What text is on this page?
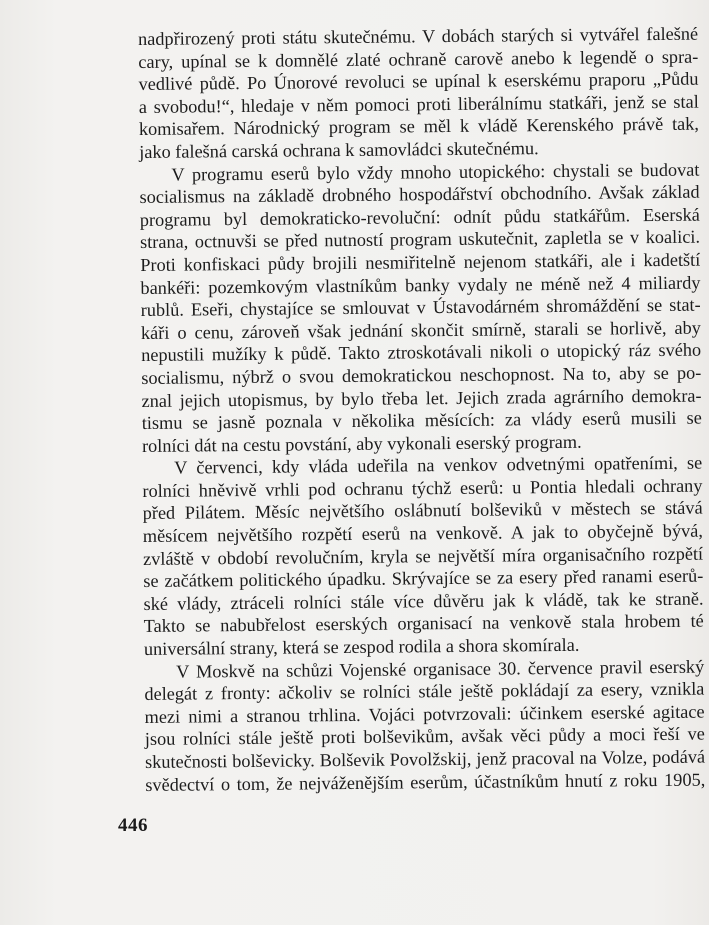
nadpřirozený proti státu skutečnému. V dobách starých si vytvářel falešné
cary, upínal se k domnělé zlaté ochraně carově anebo k legendě o spra-
vedlivé půdě. Po Únorové revoluci se upínal k eserskému praporu „Půdu
a svobodu!“, hledaje v něm pomoci proti liberálnímu statkáři, jenž se stal
komisařem. Národnický program se měl k vládě Kerenského právě tak,
jako falešná carská ochrana k samovládci skutečnému.
V programu eserů bylo vždy mnoho utopického: chystali se budovat
socialismus na základě drobného hospodářství obchodního. Avšak základ
programu byl demokraticko-revoluční: odnít půdu statkářům. Eserská
strana, octnuvši se před nutností program uskutečnit, zapletla se v koalici.
Proti konfiskaci půdy brojili nesmiřitelně nejenom statkáři, ale i kadetští
bankéři: pozemkovým vlastníkům banky vydaly ne méně než 4 miliardy
rublů. Eseři, chystajíce se smlouvat v Ústavodárném shromáždění se stat-
káři o cenu, zároveň však jednání skončit smírně, starali se horlivě, aby
nepustili mužíky k půdě. Takto ztroskotávali nikoli o utopický ráz svého
socialismu, nýbrž o svou demokratickou neschopnost. Na to, aby se po-
znal jejich utopismus, by bylo třeba let. Jejich zrada agrárního demokra-
tismu se jasně poznala v několika měsících: za vlády eserů musili se
rolníci dát na cestu povstání, aby vykonali eserský program.
V červenci, kdy vláda udeřila na venkov odvetnými opatřeními, se
rolníci hněvivě vrhli pod ochranu týchž eserů: u Pontia hledali ochrany
před Pilátem. Měsíc největšího oslábnutí bolševiků v městech se stává
měsícem největšího rozpětí eserů na venkově. A jak to obyčejně bývá,
zvláště v období revolučním, kryla se největší míra organisačního rozpětí
se začátkem politického úpadku. Skrývajíce se za esery před ranami eserů-
ské vlády, ztráceli rolníci stále více důvěru jak k vládě, tak ke straně.
Takto se nabubřelost eserských organisací na venkově stala hrobem té
universální strany, která se zespod rodila a shora skomírala.
V Moskvě na schůzi Vojenské organisace 30. července pravil eserský
delegát z fronty: ačkoliv se rolníci stále ještě pokládají za esery, vznikla
mezi nimi a stranou trhlina. Vojáci potvrzovali: účinkem eserské agitace
jsou rolníci stále ještě proti bolševikům, avšak věci půdy a moci řeší ve
skutečnosti bolševicky. Bolševik Povolžskij, jenž pracoval na Volze, podává
svědectví o tom, že nejváženějším eserům, účastníkům hnutí z roku 1905,
446
